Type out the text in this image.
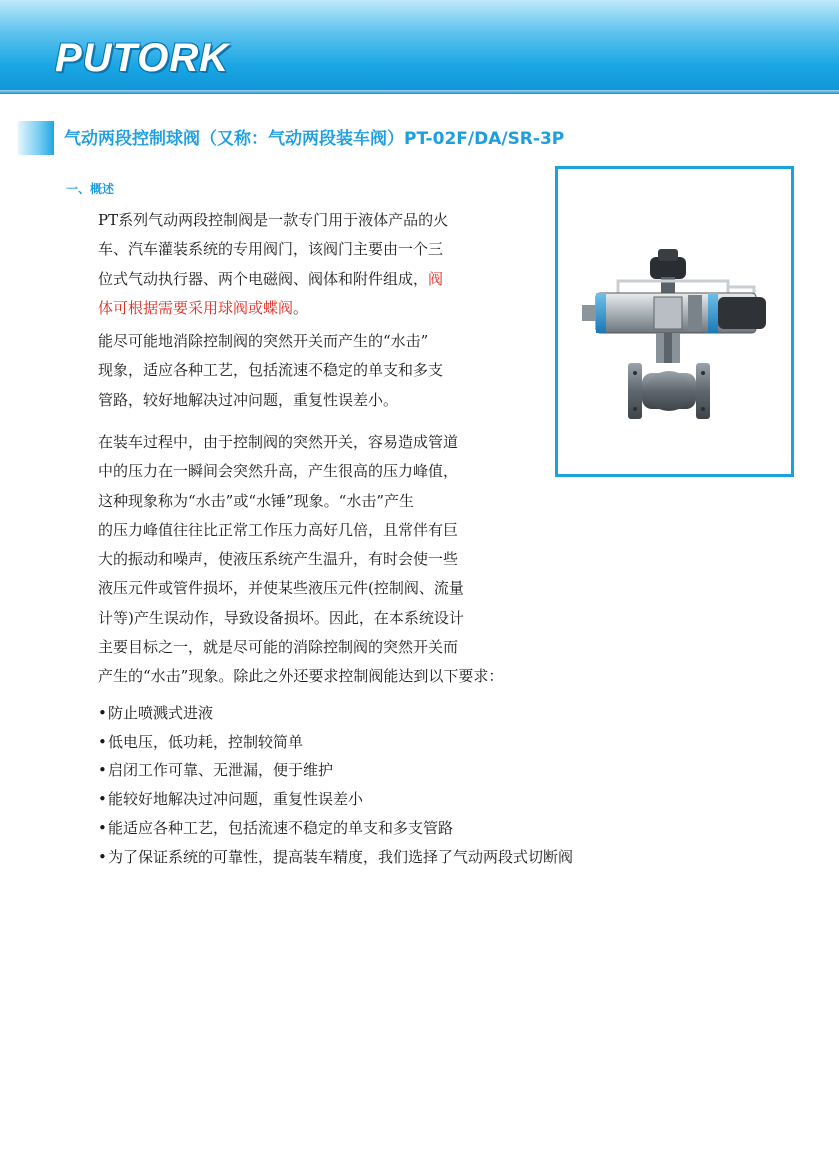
PUTORK
气动两段控制球阀（又称：气动两段装车阀）PT-02F/DA/SR-3P
一、概述

PT系列气动两段控制阀是一款专门用于液体产品的火
车、汽车灌装系统的专用阀门，该阀门主要由一个三
位式气动执行器、两个电磁阀、阀体和附件组成，阀
体可根据需要采用球阀或蝶阀。

能尽可能地消除控制阀的突然开关而产生的“水击”
现象，适应各种工艺，包括流速不稳定的单支和多支
管路，较好地解决过冲问题，重复性误差小。

在装车过程中，由于控制阀的突然开关，容易造成管道
中的压力在一瞬间会突然升高，产生很高的压力峰值，
这种现象称为“水击”或“水锤”现象。“水击”产生
的压力峰值往往比正常工作压力高好几倍，且常伴有巨
大的振动和噪声，使液压系统产生温升，有时会使一些
液压元件或管件损坏，并使某些液压元件(控制阀、流量
计等)产生误动作，导致设备损坏。因此，在本系统设计
主要目标之一，就是尽可能的消除控制阀的突然开关而
产生的“水击”现象。除此之外还要求控制阀能达到以下要求：

•防止喷溅式进液
•低电压，低功耗，控制较简单
•启闭工作可靠、无泄漏，便于维护
•能较好地解决过冲问题，重复性误差小
•能适应各种工艺，包括流速不稳定的单支和多支管路
•为了保证系统的可靠性，提高装车精度，我们选择了气动两段式切断阀
